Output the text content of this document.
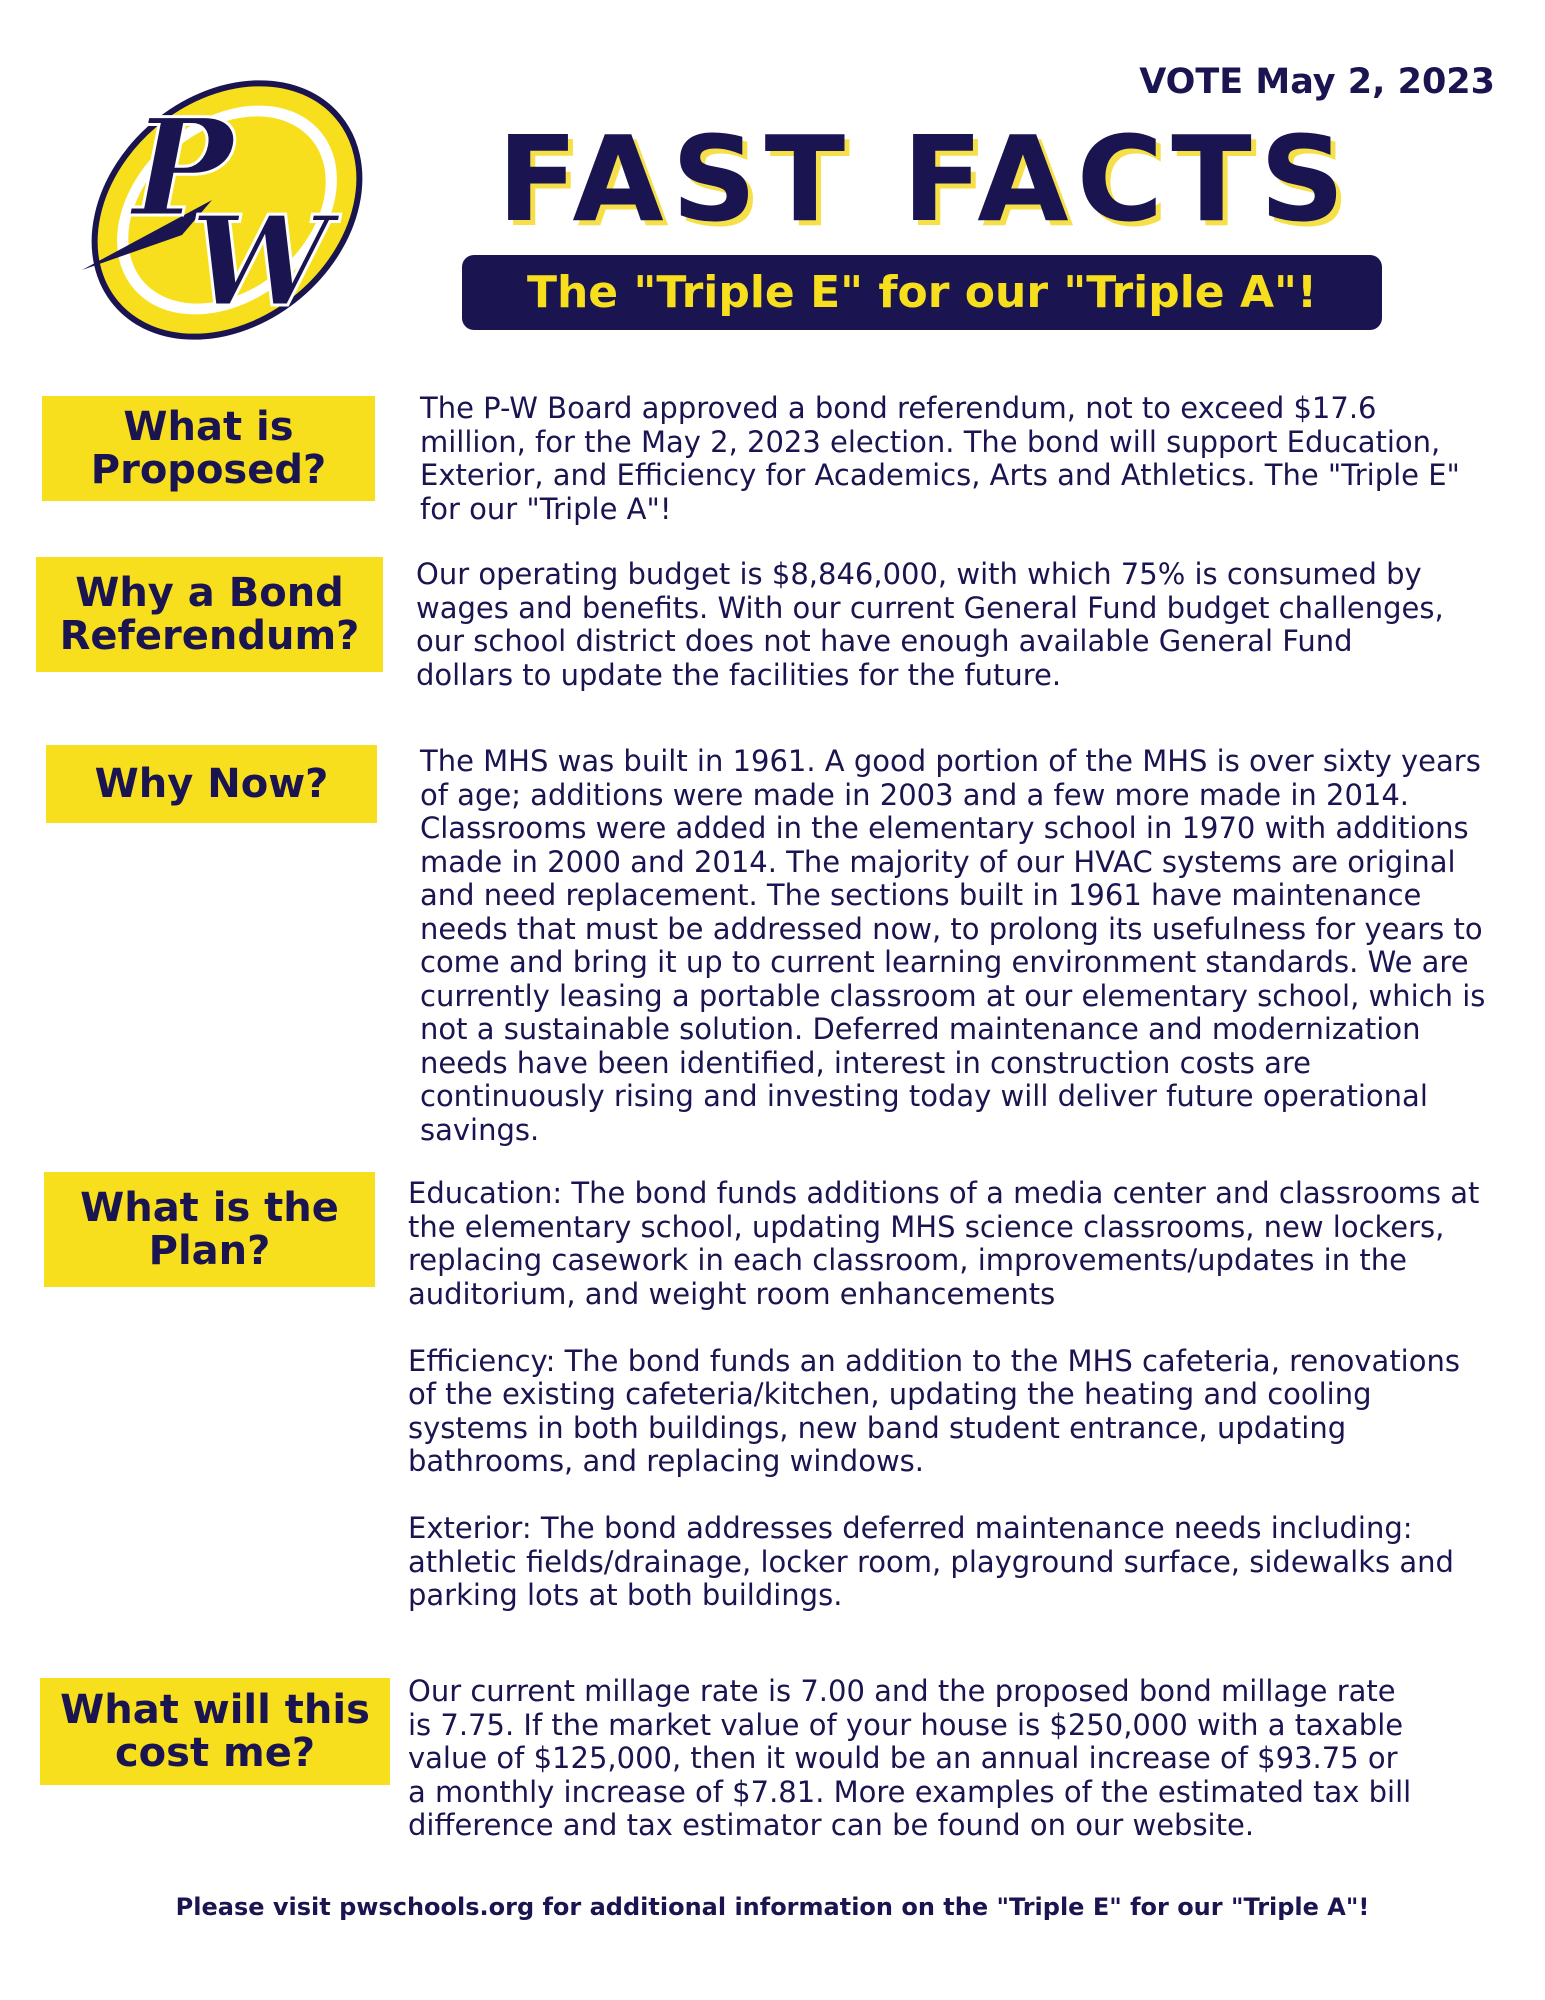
P
W
VOTE May 2, 2023
FAST FACTS
The "Triple E" for our "Triple A"!
What is Proposed?
The P-W Board approved a bond referendum, not to exceed $17.6 million, for the May 2, 2023 election. The bond will support Education, Exterior, and Efficiency for Academics, Arts and Athletics. The "Triple E" for our "Triple A"!
Why a Bond Referendum?
Our operating budget is $8,846,000, with which 75% is consumed by wages and benefits. With our current General Fund budget challenges, our school district does not have enough available General Fund dollars to update the facilities for the future.
Why Now?	The MHS was built in 1961. A good portion of the MHS is over sixty years of age; additions were made in 2003 and a few more made in 2014. Classrooms were added in the elementary school in 1970 with additions made in 2000 and 2014. The majority of our HVAC systems are original and need replacement. The sections built in 1961 have maintenance needs that must be addressed now, to prolong its usefulness for years to come and bring it up to current learning environment standards. We are currently leasing a portable classroom at our elementary school, which is not a sustainable solution. Deferred maintenance and modernization needs have been identified, interest in construction costs are continuously rising and investing today will deliver future operational savings.
What is the Plan?

Education: The bond funds additions of a media center and classrooms at the elementary school, updating MHS science classrooms, new lockers, replacing casework in each classroom, improvements/updates in the auditorium, and weight room enhancements

Efficiency: The bond funds an addition to the MHS cafeteria, renovations of the existing cafeteria/kitchen, updating the heating and cooling systems in both buildings, new band student entrance, updating bathrooms, and replacing windows.

Exterior: The bond addresses deferred maintenance needs including: athletic fields/drainage, locker room, playground surface, sidewalks and parking lots at both buildings.

What will this cost me?
Our current millage rate is 7.00 and the proposed bond millage rate is 7.75. If the market value of your house is $250,000 with a taxable value of $125,000, then it would be an annual increase of $93.75 or a monthly increase of $7.81. More examples of the estimated tax bill difference and tax estimator can be found on our website.
Please visit pwschools.org for additional information on the "Triple E" for our "Triple A"!
